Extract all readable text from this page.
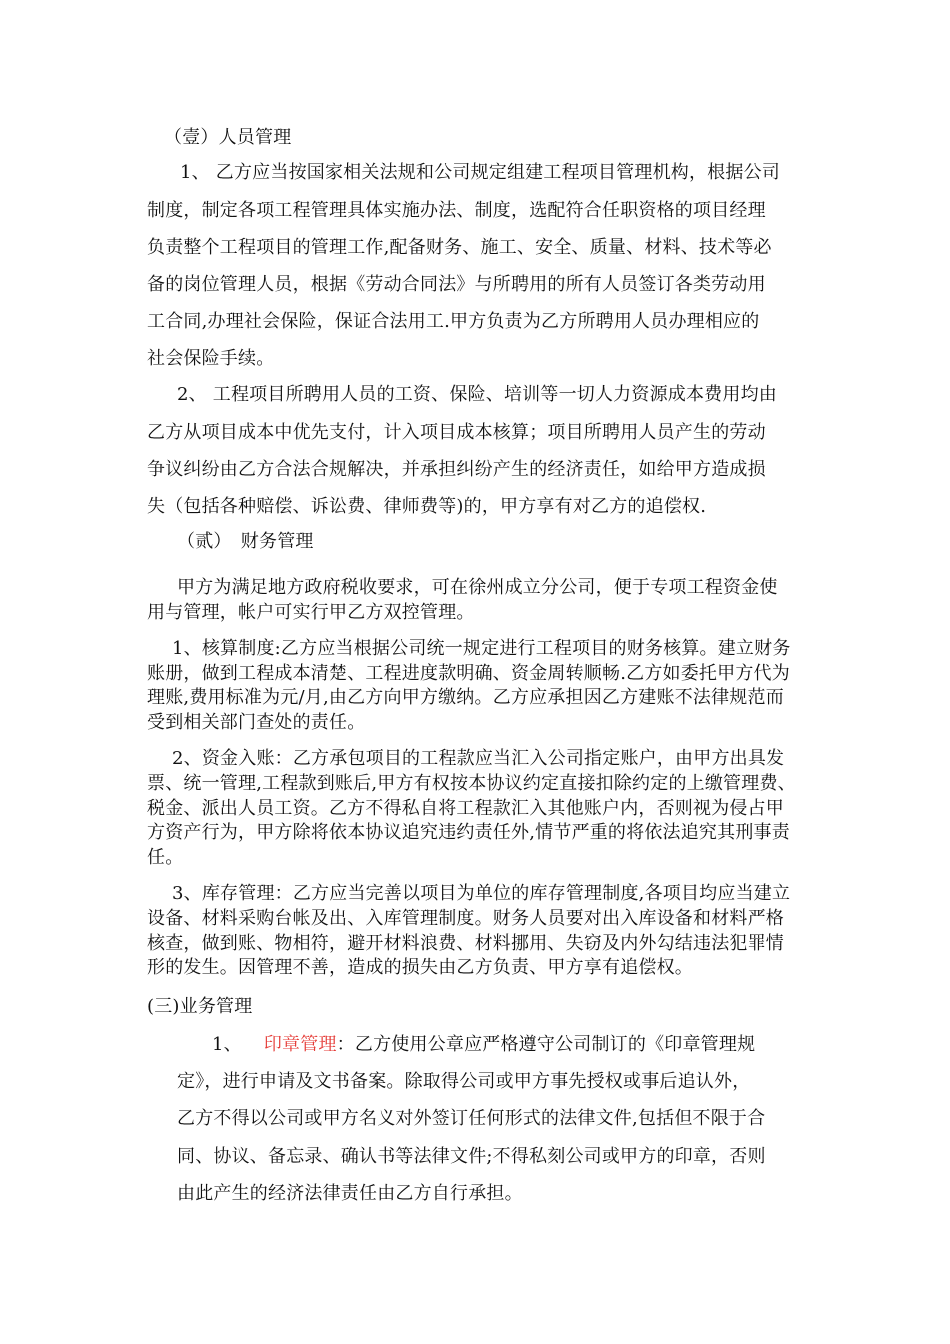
（壹）人员管理
1、 乙方应当按国家相关法规和公司规定组建工程项目管理机构，根据公司
制度，制定各项工程管理具体实施办法、制度，选配符合任职资格的项目经理
负责整个工程项目的管理工作,配备财务、施工、安全、质量、材料、技术等必
备的岗位管理人员，根据《劳动合同法》与所聘用的所有人员签订各类劳动用
工合同,办理社会保险，保证合法用工.甲方负责为乙方所聘用人员办理相应的
社会保险手续。
2、 工程项目所聘用人员的工资、保险、培训等一切人力资源成本费用均由
乙方从项目成本中优先支付，计入项目成本核算；项目所聘用人员产生的劳动
争议纠纷由乙方合法合规解决，并承担纠纷产生的经济责任，如给甲方造成损
失（包括各种赔偿、诉讼费、律师费等)的，甲方享有对乙方的追偿权.
（贰）　财务管理
甲方为满足地方政府税收要求，可在徐州成立分公司，便于专项工程资金使
用与管理，帐户可实行甲乙方双控管理。
1、核算制度:乙方应当根据公司统一规定进行工程项目的财务核算。建立财务
账册，做到工程成本清楚、工程进度款明确、资金周转顺畅.乙方如委托甲方代为
理账,费用标准为元/月,由乙方向甲方缴纳。乙方应承担因乙方建账不法律规范而
受到相关部门查处的责任。
2、资金入账：乙方承包项目的工程款应当汇入公司指定账户，由甲方出具发
票、统一管理,工程款到账后,甲方有权按本协议约定直接扣除约定的上缴管理费、
税金、派出人员工资。乙方不得私自将工程款汇入其他账户内，否则视为侵占甲
方资产行为，甲方除将依本协议追究违约责任外,情节严重的将依法追究其刑事责
任。
3、库存管理：乙方应当完善以项目为单位的库存管理制度,各项目均应当建立
设备、材料采购台帐及出、入库管理制度。财务人员要对出入库设备和材料严格
核查，做到账、物相符，避开材料浪费、材料挪用、失窃及内外勾结违法犯罪情
形的发生。因管理不善，造成的损失由乙方负责、甲方享有追偿权。
(三)业务管理
1、 印章管理：乙方使用公章应严格遵守公司制订的《印章管理规
定》，进行申请及文书备案。除取得公司或甲方事先授权或事后追认外，
乙方不得以公司或甲方名义对外签订任何形式的法律文件,包括但不限于合
同、协议、备忘录、确认书等法律文件;不得私刻公司或甲方的印章，否则
由此产生的经济法律责任由乙方自行承担。
